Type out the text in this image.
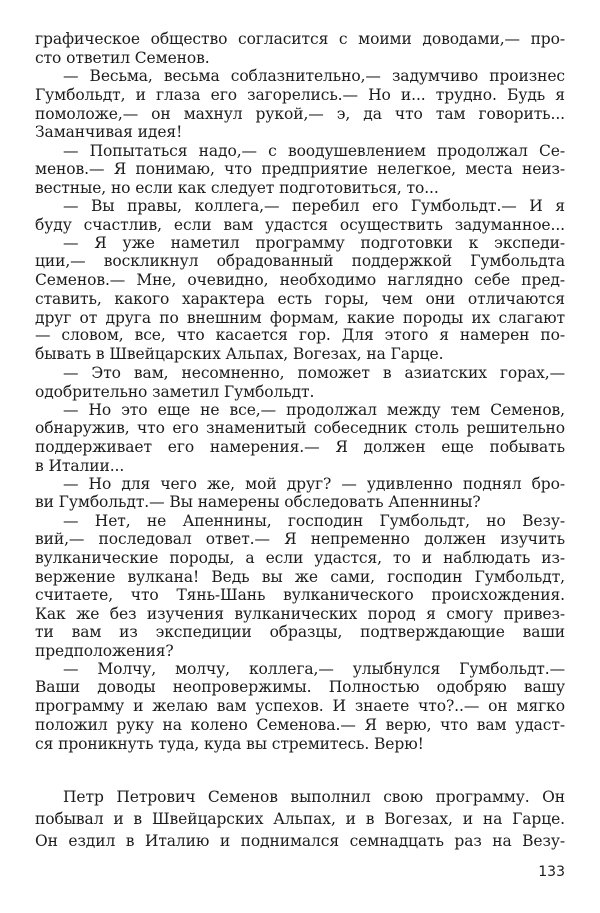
графическое общество согласится с моими доводами,— про-
сто ответил Семенов.
— Весьма, весьма соблазнительно,— задумчиво произнес
Гумбольдт, и глаза его загорелись.— Но и... трудно. Будь я
помоложе,— он махнул рукой,— э, да что там говорить...
Заманчивая идея!
— Попытаться надо,— с воодушевлением продолжал Се-
менов.— Я понимаю, что предприятие нелегкое, места неиз-
вестные, но если как следует подготовиться, то...
— Вы правы, коллега,— перебил его Гумбольдт.— И я
буду счастлив, если вам удастся осуществить задуманное...
— Я уже наметил программу подготовки к экспеди-
ции,— воскликнул обрадованный поддержкой Гумбольдта
Семенов.— Мне, очевидно, необходимо наглядно себе пред-
ставить, какого характера есть горы, чем они отличаются
друг от друга по внешним формам, какие породы их слагают
— словом, все, что касается гор. Для этого я намерен по-
бывать в Швейцарских Альпах, Вогезах, на Гарце.
— Это вам, несомненно, поможет в азиатских горах,—
одобрительно заметил Гумбольдт.
— Но это еще не все,— продолжал между тем Семенов,
обнаружив, что его знаменитый собеседник столь решительно
поддерживает его намерения.— Я должен еще побывать
в Италии...
— Но для чего же, мой друг? — удивленно поднял бро-
ви Гумбольдт.— Вы намерены обследовать Апеннины?
— Нет, не Апеннины, господин Гумбольдт, но Везу-
вий,— последовал ответ.— Я непременно должен изучить
вулканические породы, а если удастся, то и наблюдать из-
вержение вулкана! Ведь вы же сами, господин Гумбольдт,
считаете, что Тянь-Шань вулканического происхождения.
Как же без изучения вулканических пород я смогу привез-
ти вам из экспедиции образцы, подтверждающие ваши
предположения?
— Молчу, молчу, коллега,— улыбнулся Гумбольдт.—
Ваши доводы неопровержимы. Полностью одобряю вашу
программу и желаю вам успехов. И знаете что?..— он мягко
положил руку на колено Семенова.— Я верю, что вам удаст-
ся проникнуть туда, куда вы стремитесь. Верю!
Петр Петрович Семенов выполнил свою программу. Он
побывал и в Швейцарских Альпах, и в Вогезах, и на Гарце.
Он ездил в Италию и поднимался семнадцать раз на Везу-
133
